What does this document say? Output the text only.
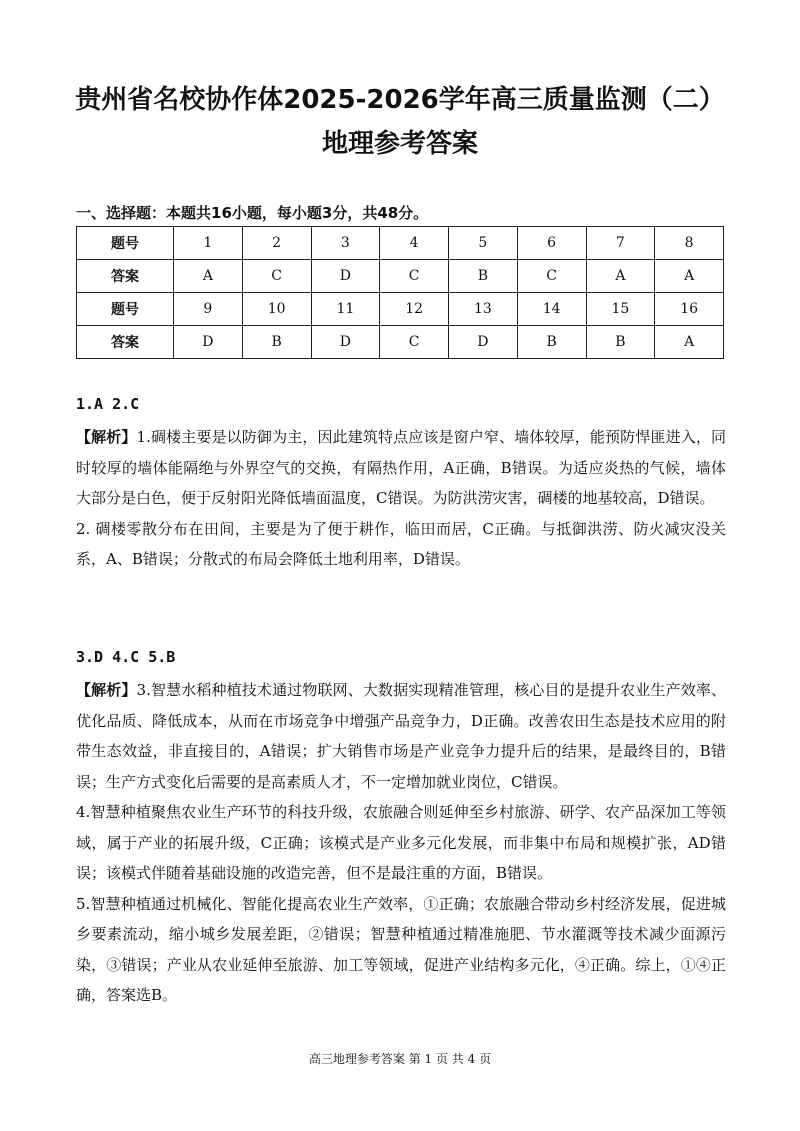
贵州省名校协作体2025-2026学年高三质量监测（二）
地理参考答案
一、选择题：本题共16小题，每小题3分，共48分。
题号	1	2	3	4	5	6	7	8
答案	A	C	D	C	B	C	A	A
题号	9	10	11	12	13	14	15	16
答案	D	B	D	C	D	B	B	A
1.A 2.C

【解析】1.碉楼主要是以防御为主，因此建筑特点应该是窗户窄、墙体较厚，能预防悍匪进入，同时较厚的墙体能隔绝与外界空气的交换，有隔热作用，A正确，B错误。为适应炎热的气候，墙体大部分是白色，便于反射阳光降低墙面温度，C错误。为防洪涝灾害，碉楼的地基较高，D错误。

2. 碉楼零散分布在田间，主要是为了便于耕作，临田而居，C正确。与抵御洪涝、防火减灾没关系，A、B错误；分散式的布局会降低土地利用率，D错误。

3.D 4.C 5.B

【解析】3.智慧水稻种植技术通过物联网、大数据实现精准管理，核心目的是提升农业生产效率、优化品质、降低成本，从而在市场竞争中增强产品竞争力，D正确。改善农田生态是技术应用的附带生态效益，非直接目的，A错误；扩大销售市场是产业竞争力提升后的结果，是最终目的，B错误；生产方式变化后需要的是高素质人才，不一定增加就业岗位，C错误。

4.智慧种植聚焦农业生产环节的科技升级，农旅融合则延伸至乡村旅游、研学、农产品深加工等领域，属于产业的拓展升级，C正确；该模式是产业多元化发展，而非集中布局和规模扩张，AD错误；该模式伴随着基础设施的改造完善，但不是最注重的方面，B错误。

5.智慧种植通过机械化、智能化提高农业生产效率，①正确；农旅融合带动乡村经济发展，促进城乡要素流动，缩小城乡发展差距，②错误；智慧种植通过精准施肥、节水灌溉等技术减少面源污染，③错误；产业从农业延伸至旅游、加工等领域，促进产业结构多元化，④正确。综上，①④正确，答案选B。

高三地理参考答案 第 1 页 共 4 页
